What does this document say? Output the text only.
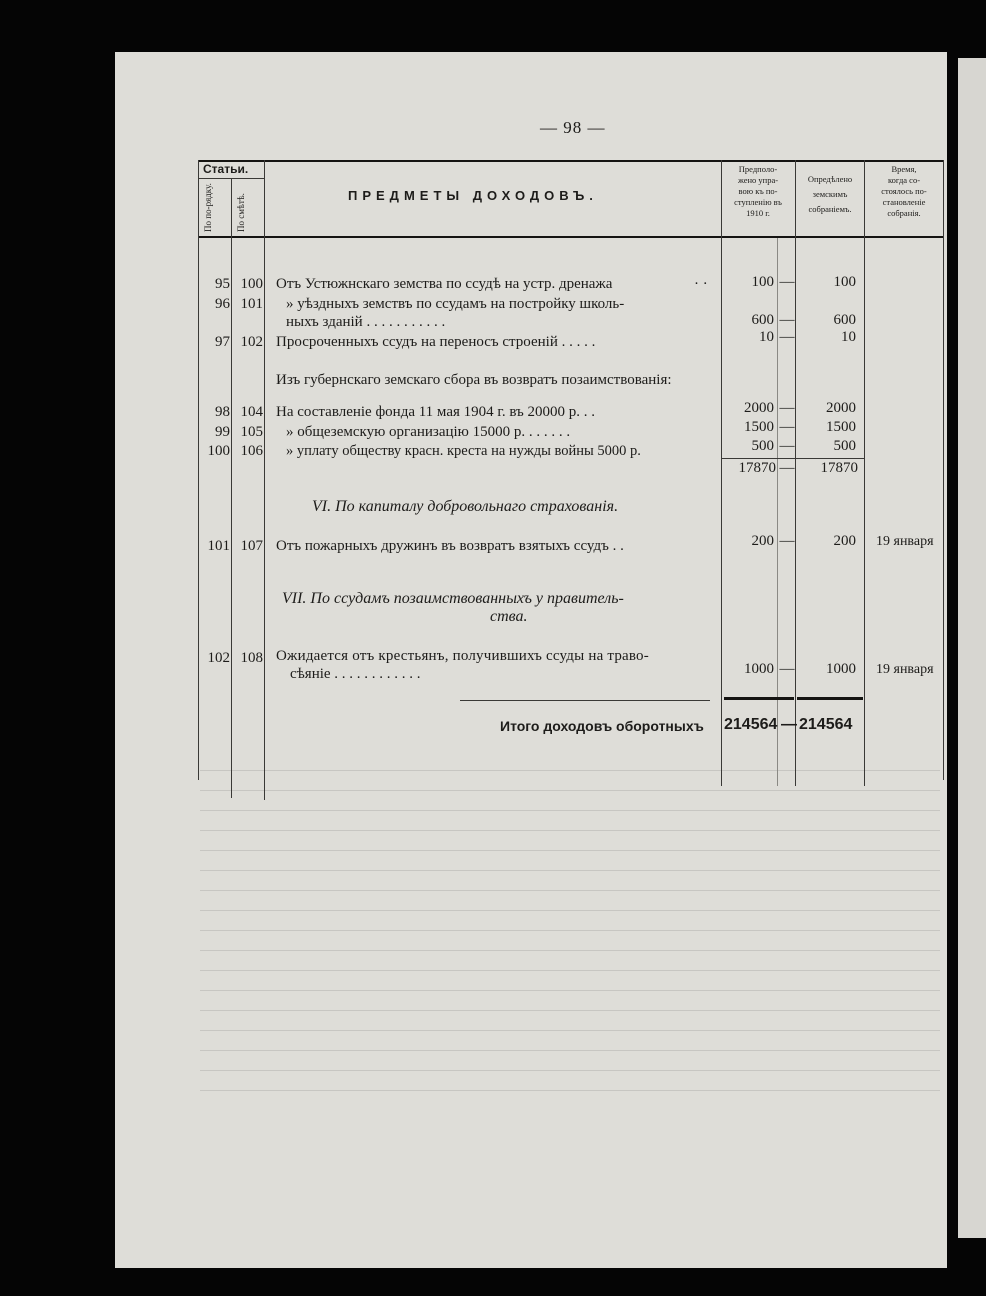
— 98 —
Статьи.
По по-рядку.	По смѣтѣ.	ПРЕДМЕТЫ ДОХОДОВЪ.
Предполо-
жено упра-
вою къ по-
ступленію въ
1910 г.
Опредѣлено
земскимъ
собраніемъ.
Время,
когда со-
стоялось по-
становленіе
собранія.
95 100 Отъ Устюжнскаго земства по ссудѣ на устр. дренажа	· ·	100 —	100
96 101 » уѣздныхъ земствъ по ссудамъ на постройку школь-
ныхъ зданій . . . . . . . . . . .	600 —	600
97 102 Просроченныхъ ссудъ на переносъ строеній . . . . .	10 —	10
Изъ губернскаго земскаго сбора въ возвратъ позаимствованія:
98 104 На составленіе фонда 11 мая 1904 г. въ 20000 р. . .	2000 —	2000
99 105 » общеземскую организацію 15000 р. . . . . . .	1500 —	1500
100 106 » уплату обществу красн. креста на нужды войны 5000 р.	500 —	500
17870 —	17870
VI. По капиталу добровольнаго страхованія.
101 107 Отъ пожарныхъ дружинъ въ возвратъ взятыхъ ссудъ . .	200 —	200 19 января
VII. По ссудамъ позаимствованныхъ у правитель-
ства.
102 108 Ожидается отъ крестьянъ, получившихъ ссуды на траво-
сѣяніе . . . . . . . . . . . .	1000 —	1000 19 января
Итого доходовъ оборотныхъ 214564 — 214564
